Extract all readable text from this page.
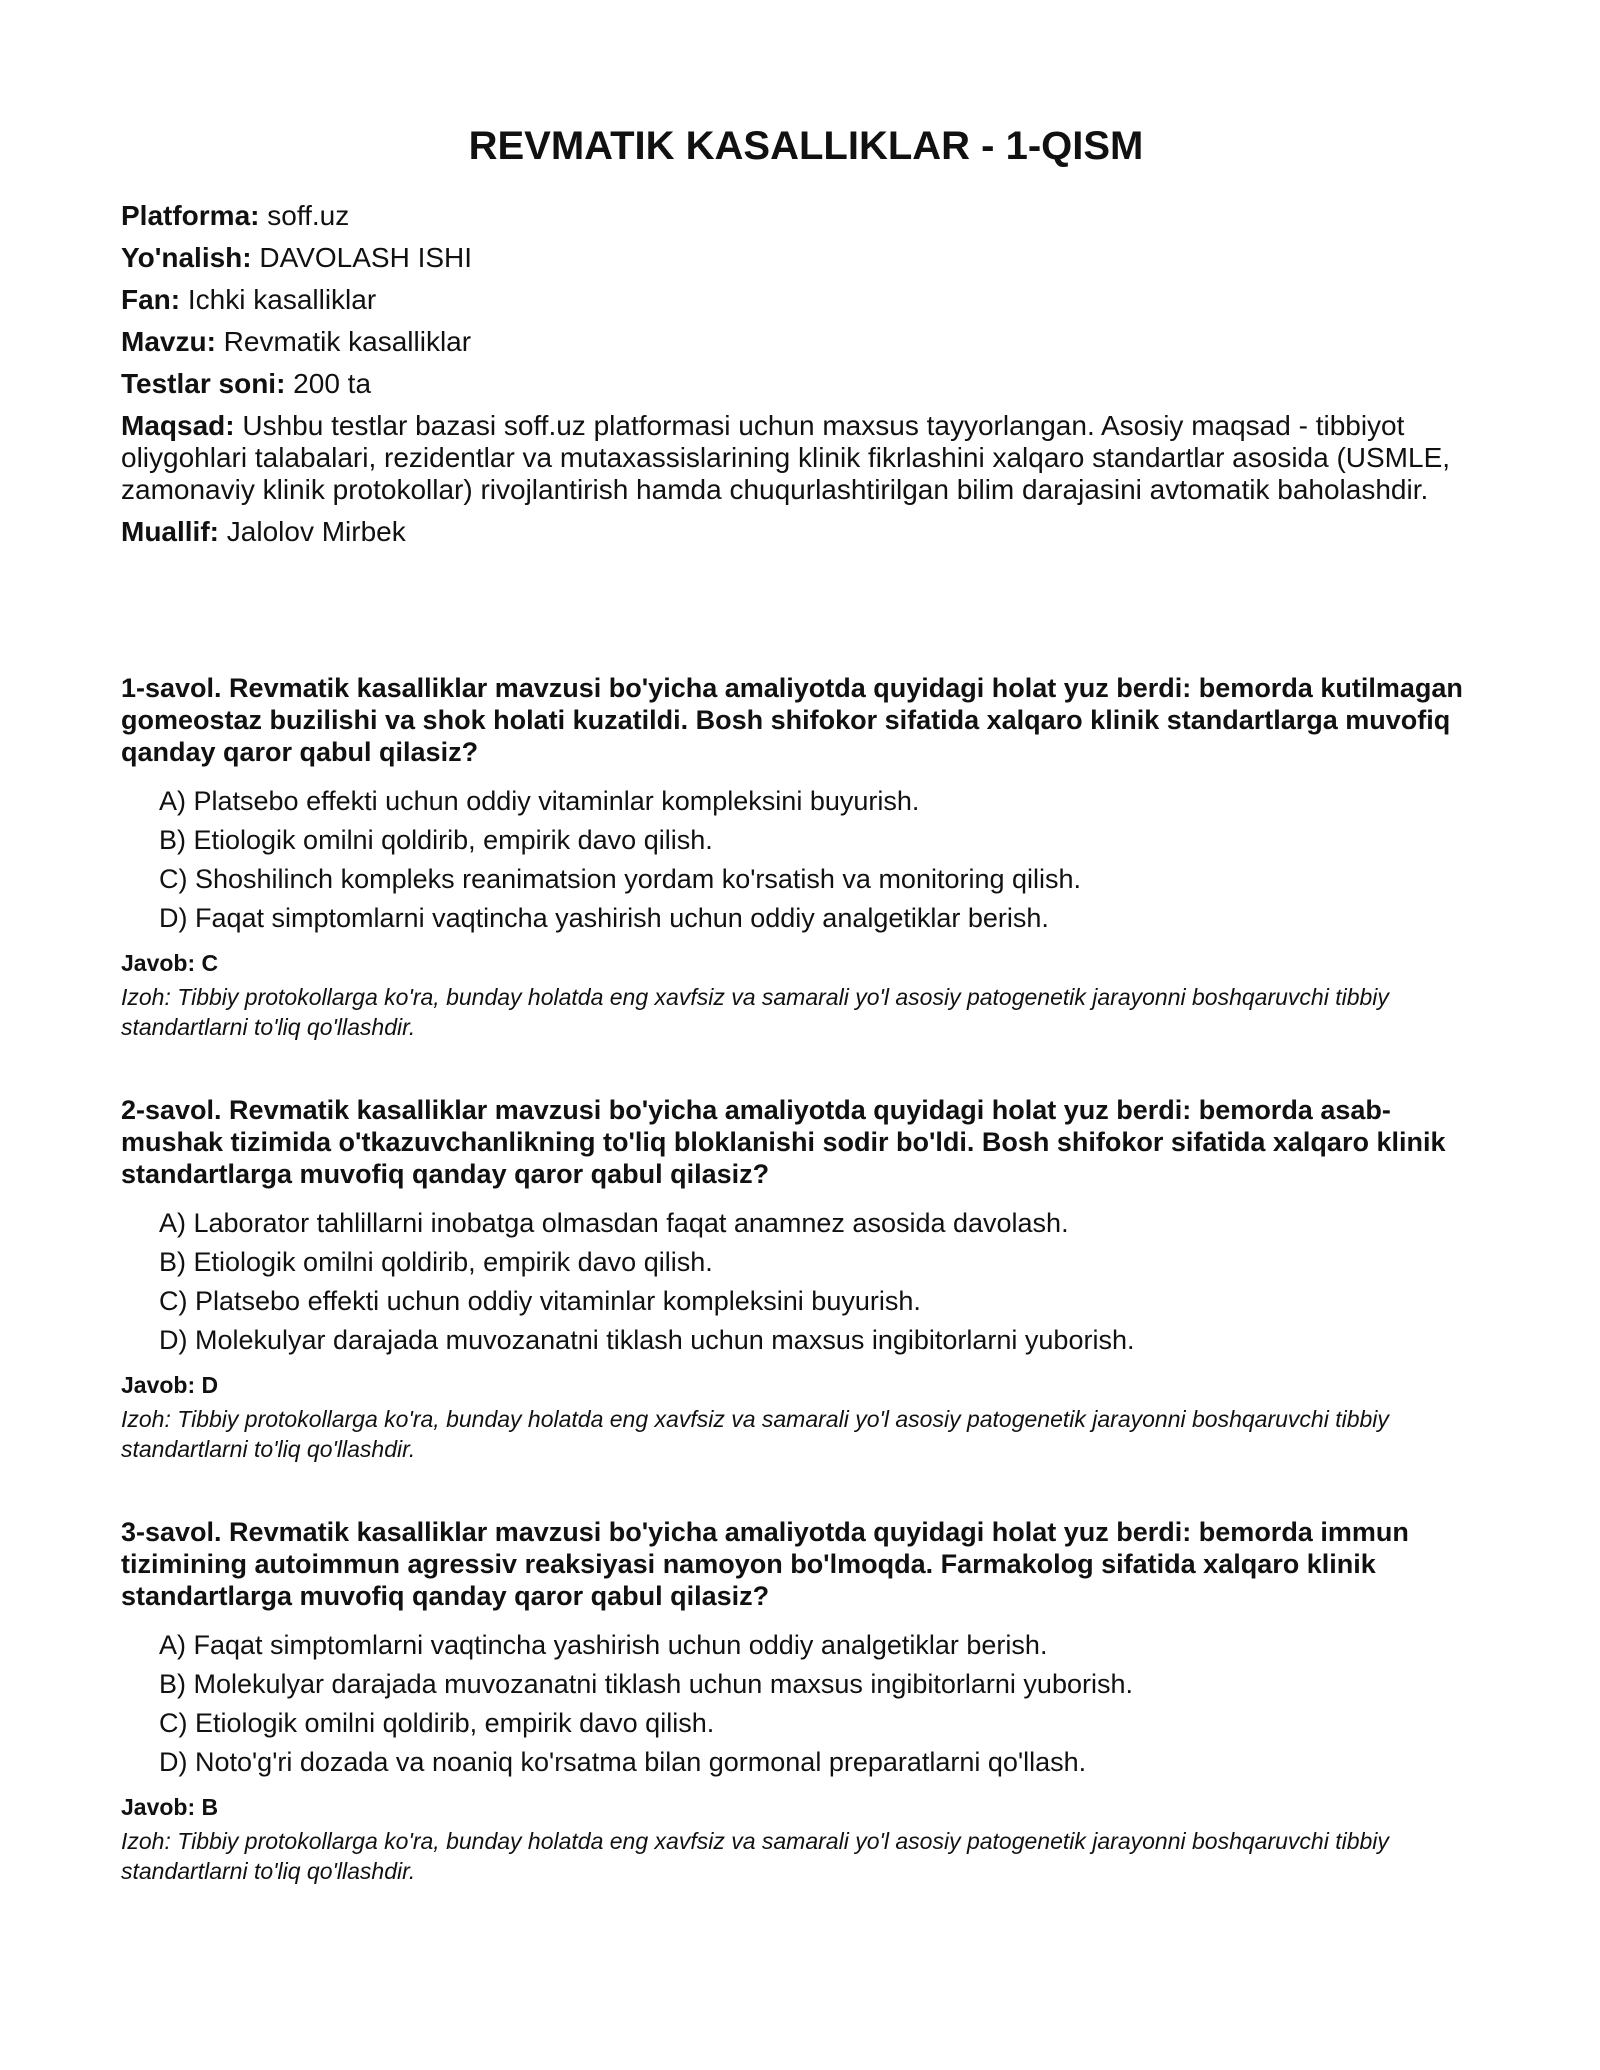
REVMATIK KASALLIKLAR - 1-QISM

Platforma: soff.uz

Yo'nalish: DAVOLASH ISHI

Fan: Ichki kasalliklar

Mavzu: Revmatik kasalliklar

Testlar soni: 200 ta

Maqsad: Ushbu testlar bazasi soff.uz platformasi uchun maxsus tayyorlangan. Asosiy maqsad - tibbiyot oliygohlari talabalari, rezidentlar va mutaxassislarining klinik fikrlashini xalqaro standartlar asosida (USMLE, zamonaviy klinik protokollar) rivojlantirish hamda chuqurlashtirilgan bilim darajasini avtomatik baholashdir.

Muallif: Jalolov Mirbek

1-savol. Revmatik kasalliklar mavzusi bo'yicha amaliyotda quyidagi holat yuz berdi: bemorda kutilmagan gomeostaz buzilishi va shok holati kuzatildi. Bosh shifokor sifatida xalqaro klinik standartlarga muvofiq qanday qaror qabul qilasiz?

A) Platsebo effekti uchun oddiy vitaminlar kompleksini buyurish.
B) Etiologik omilni qoldirib, empirik davo qilish.
C) Shoshilinch kompleks reanimatsion yordam ko'rsatish va monitoring qilish.
D) Faqat simptomlarni vaqtincha yashirish uchun oddiy analgetiklar berish.

Javob: C

Izoh: Tibbiy protokollarga ko'ra, bunday holatda eng xavfsiz va samarali yo'l asosiy patogenetik jarayonni boshqaruvchi tibbiy standartlarni to'liq qo'llashdir.

2-savol. Revmatik kasalliklar mavzusi bo'yicha amaliyotda quyidagi holat yuz berdi: bemorda asab-mushak tizimida o'tkazuvchanlikning to'liq bloklanishi sodir bo'ldi. Bosh shifokor sifatida xalqaro klinik standartlarga muvofiq qanday qaror qabul qilasiz?

A) Laborator tahlillarni inobatga olmasdan faqat anamnez asosida davolash.
B) Etiologik omilni qoldirib, empirik davo qilish.
C) Platsebo effekti uchun oddiy vitaminlar kompleksini buyurish.
D) Molekulyar darajada muvozanatni tiklash uchun maxsus ingibitorlarni yuborish.

Javob: D

Izoh: Tibbiy protokollarga ko'ra, bunday holatda eng xavfsiz va samarali yo'l asosiy patogenetik jarayonni boshqaruvchi tibbiy standartlarni to'liq qo'llashdir.

3-savol. Revmatik kasalliklar mavzusi bo'yicha amaliyotda quyidagi holat yuz berdi: bemorda immun tizimining autoimmun agressiv reaksiyasi namoyon bo'lmoqda. Farmakolog sifatida xalqaro klinik standartlarga muvofiq qanday qaror qabul qilasiz?

A) Faqat simptomlarni vaqtincha yashirish uchun oddiy analgetiklar berish.
B) Molekulyar darajada muvozanatni tiklash uchun maxsus ingibitorlarni yuborish.
C) Etiologik omilni qoldirib, empirik davo qilish.
D) Noto'g'ri dozada va noaniq ko'rsatma bilan gormonal preparatlarni qo'llash.

Javob: B

Izoh: Tibbiy protokollarga ko'ra, bunday holatda eng xavfsiz va samarali yo'l asosiy patogenetik jarayonni boshqaruvchi tibbiy standartlarni to'liq qo'llashdir.
